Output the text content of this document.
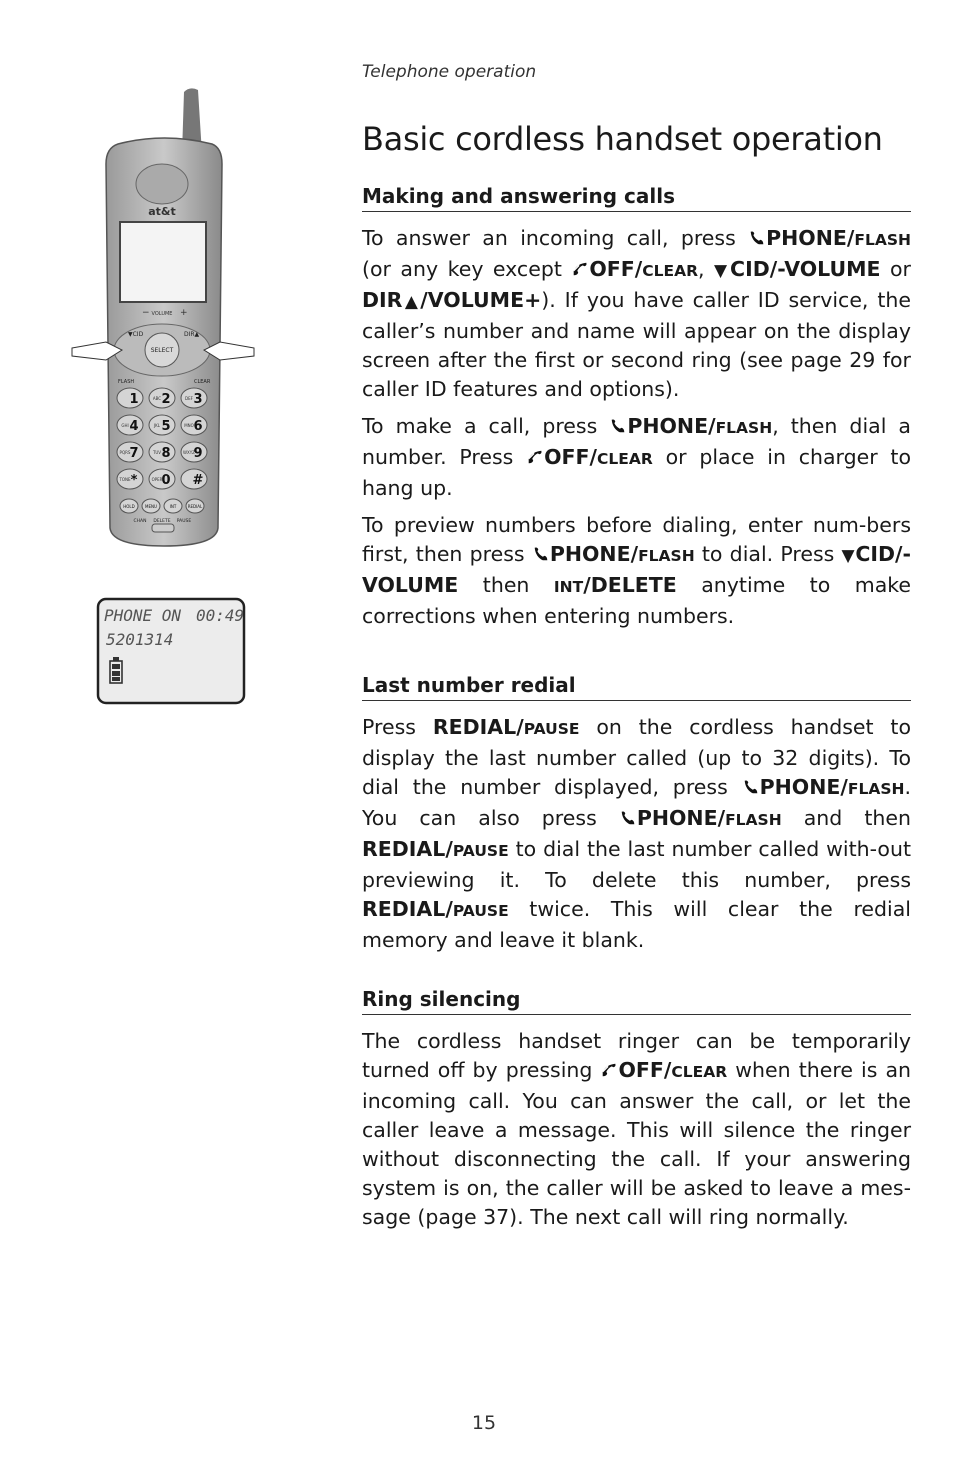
Telephone operation
Basic cordless handset operation
at&t
− VOLUME +
SELECT
▼CID	DIR▲
FLASH	CLEAR
1 2
ABC 3
DEF
4
GHI	5
JKL	6
MNO
7
PQRS 8
TUV 9
WXYZ
*
TONE 0
OPER #
HOLD	MENU	INT	REDIAL
CHAN DELETE PAUSE
PHONE ON 00:49
5201314
Making and answering calls

To answer an incoming call, press PHONE/FLASH (or any key except OFF/CLEAR, ▼CID/-VOLUME or DIR▲/VOLUME+). If you have caller ID service, the caller’s number and name will appear on the display screen after the first or second ring (see page 29 for caller ID features and options).

To make a call, press PHONE/FLASH, then dial a number. Press OFF/CLEAR or place in charger to hang up.

To preview numbers before dialing, enter num-bers first, then press PHONE/FLASH to dial. Press ▼CID/-VOLUME then INT/DELETE anytime to make corrections when entering numbers.

Last number redial

Press REDIAL/PAUSE on the cordless handset to display the last number called (up to 32 digits). To dial the number displayed, press PHONE/FLASH. You can also press PHONE/FLASH and then REDIAL/PAUSE to dial the last number called with-out previewing it. To delete this number, press REDIAL/PAUSE twice. This will clear the redial memory and leave it blank.

Ring silencing

The cordless handset ringer can be temporarily turned off by pressing OFF/CLEAR when there is an incoming call. You can answer the call, or let the caller leave a message. This will silence the ringer without disconnecting the call. If your answering system is on, the caller will be asked to leave a mes-sage (page 37). The next call will ring normally.

15
